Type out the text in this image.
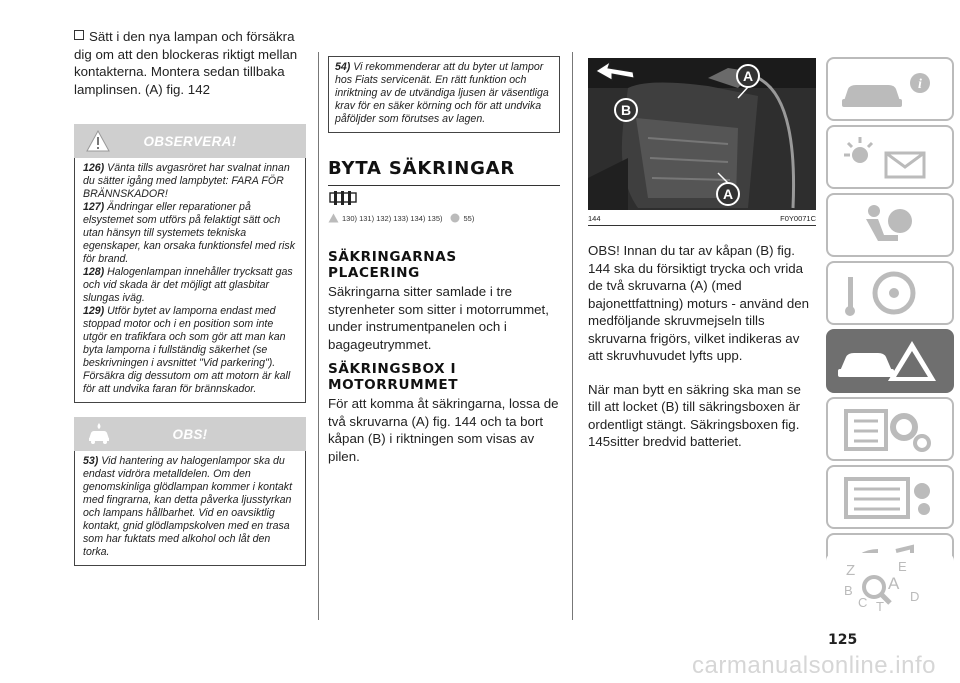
Sätt i den nya lampan och försäkra dig om att den blockeras riktigt mellan kontakterna. Montera sedan tillbaka lamplinsen. (A) fig. 142

OBSERVERA!

126) Vänta tills avgasröret har svalnat innan du sätter igång med lampbytet: FARA FÖR BRÄNNSKADOR!

127) Ändringar eller reparationer på elsystemet som utförs på felaktigt sätt och utan hänsyn till systemets tekniska egenskaper, kan orsaka funktionsfel med risk för brand.

128) Halogenlampan innehåller trycksatt gas och vid skada är det möjligt att glasbitar slungas iväg.

129) Utför bytet av lamporna endast med stoppad motor och i en position som inte utgör en trafikfara och som gör att man kan byta lamporna i fullständig säkerhet (se beskrivningen i avsnittet "Vid parkering"). Försäkra dig dessutom om att motorn är kall för att undvika faran för brännskador.

OBS!

53) Vid hantering av halogenlampor ska du endast vidröra metalldelen. Om den genomskinliga glödlampan kommer i kontakt med fingrarna, kan detta påverka ljusstyrkan och lampans hållbarhet. Vid en oavsiktlig kontakt, gnid glödlampskolven med en trasa som har fuktats med alkohol och låt den torka.

54) Vi rekommenderar att du byter ut lampor hos Fiats servicenät. En rätt funktion och inriktning av de utvändiga ljusen är väsentliga krav för en säker körning och för att undvika påföljder som förutses av lagen.

BYTA SÄKRINGAR
130) 131) 132) 133) 134) 135)	55)
SÄKRINGARNAS PLACERING

Säkringarna sitter samlade i tre styrenheter som sitter i motorrummet, under instrumentpanelen och i bagageutrymmet.

SÄKRINGSBOX I MOTORRUMMET

För att komma åt säkringarna, lossa de två skruvarna (A) fig. 144 och ta bort kåpan (B) i riktningen som visas av pilen.

A
B
A
144	F0Y0071C

OBS! Innan du tar av kåpan (B) fig. 144 ska du försiktigt trycka och vrida de två skruvarna (A) (med bajonettfattning) moturs - använd den medföljande skruvmejseln tills skruvarna frigörs, vilket indikeras av att skruvhuvudet lyfts upp.

När man bytt en säkring ska man se till att locket (B) till säkringsboxen är ordentligt stängt. Säkringsboxen fig. 145sitter bredvid batteriet.

i
Z	E
B A
C T
D
125
carmanualsonline.info
